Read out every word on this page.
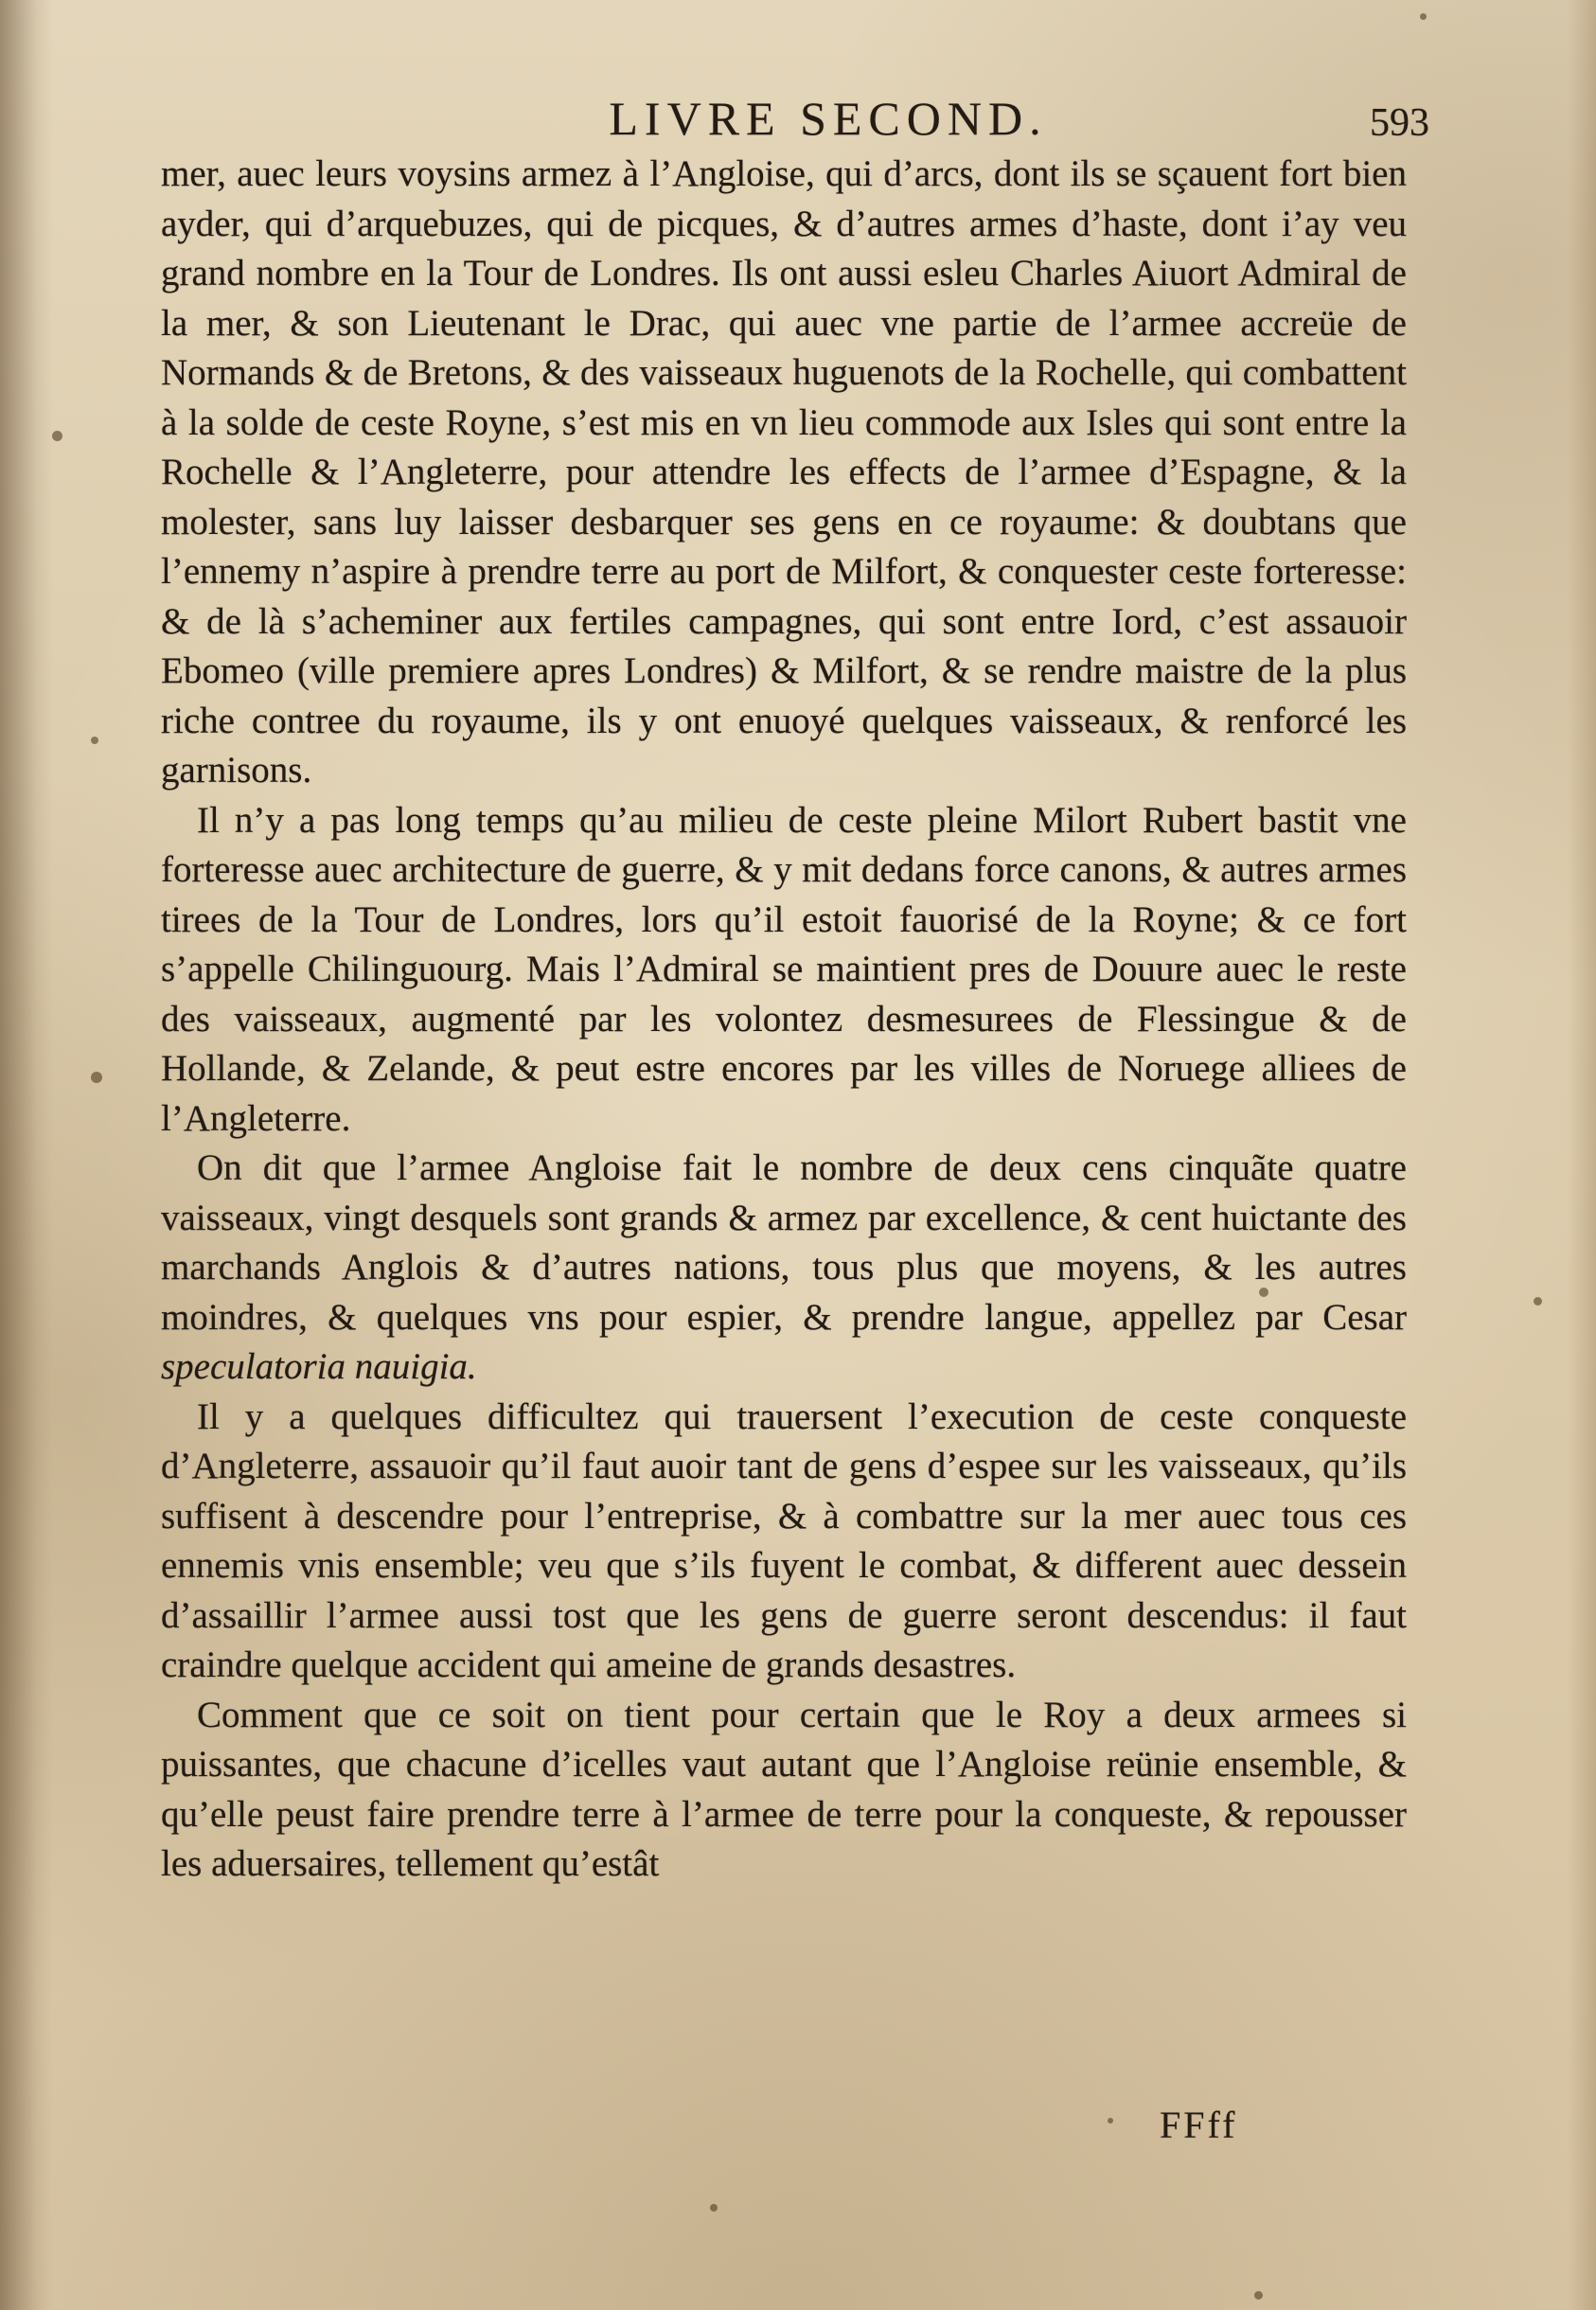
LIVRE SECOND.	593

mer, auec leurs voysins armez à l’Angloise, qui d’arcs, dont ils se sçauent fort bien ayder, qui d’arquebuzes, qui de picques, & d’autres armes d’haste, dont i’ay veu grand nombre en la Tour de Londres. Ils ont aussi esleu Charles Aiuort Admiral de la mer, & son Lieutenant le Drac, qui auec vne partie de l’armee accreüe de Normands & de Bretons, & des vaisseaux huguenots de la Rochelle, qui combattent à la solde de ceste Royne, s’est mis en vn lieu commode aux Isles qui sont entre la Rochelle & l’Angleterre, pour attendre les effects de l’armee d’Espagne, & la molester, sans luy laisser desbarquer ses gens en ce royaume: & doubtans que l’ennemy n’aspire à prendre terre au port de Milfort, & conquester ceste forteresse: & de là s’acheminer aux fertiles campagnes, qui sont entre Iord, c’est assauoir Ebomeo (ville premiere apres Londres) & Milfort, & se rendre maistre de la plus riche contree du royaume, ils y ont enuoyé quelques vaisseaux, & renforcé les garnisons.

Il n’y a pas long temps qu’au milieu de ceste pleine Milort Rubert bastit vne forteresse auec architecture de guerre, & y mit dedans force canons, & autres armes tirees de la Tour de Londres, lors qu’il estoit fauorisé de la Royne; & ce fort s’appelle Chilinguourg. Mais l’Admiral se maintient pres de Douure auec le reste des vaisseaux, augmenté par les volontez desmesurees de Flessingue & de Hollande, & Zelande, & peut estre encores par les villes de Noruege alliees de l’Angleterre.

On dit que l’armee Angloise fait le nombre de deux cens cinquãte quatre vaisseaux, vingt desquels sont grands & armez par excellence, & cent huictante des marchands Anglois & d’autres nations, tous plus que moyens, & les autres moindres, & quelques vns pour espier, & prendre langue, appellez par Cesar speculatoria nauigia.

Il y a quelques difficultez qui trauersent l’execution de ceste conqueste d’Angleterre, assauoir qu’il faut auoir tant de gens d’espee sur les vaisseaux, qu’ils suffisent à descendre pour l’entreprise, & à combattre sur la mer auec tous ces ennemis vnis ensemble; veu que s’ils fuyent le combat, & different auec dessein d’assaillir l’armee aussi tost que les gens de guerre seront descendus: il faut craindre quelque accident qui ameine de grands desastres.

Comment que ce soit on tient pour certain que le Roy a deux armees si puissantes, que chacune d’icelles vaut autant que l’Angloise reünie ensemble, & qu’elle peust faire prendre terre à l’armee de terre pour la conqueste, & repousser les aduersaires, tellement qu’estât

FFff
